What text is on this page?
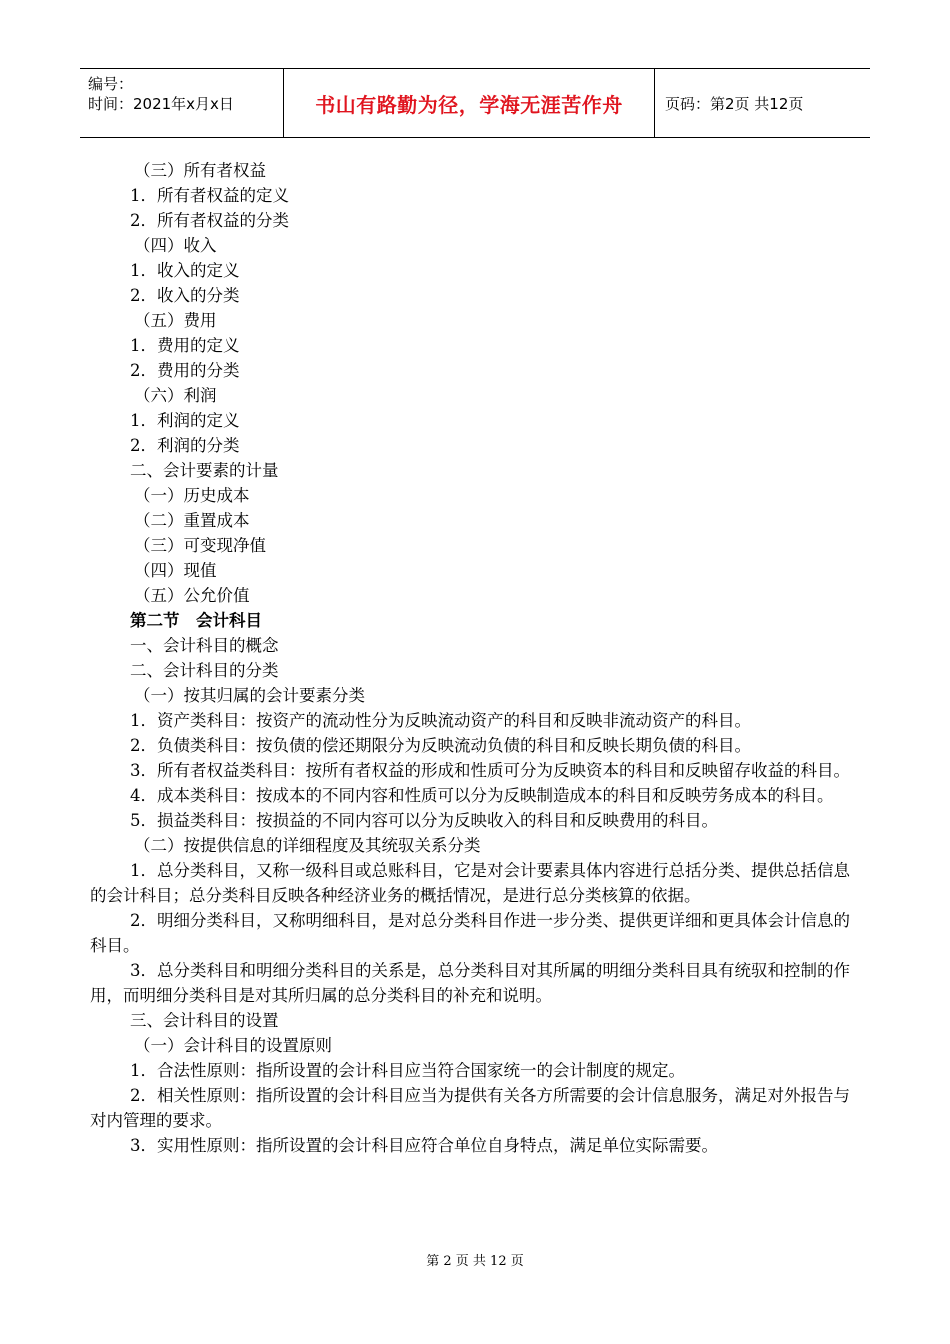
编号：
时间：2021年x月x日	书山有路勤为径，学海无涯苦作舟	页码：第2页 共12页
（三）所有者权益
1．所有者权益的定义
2．所有者权益的分类
（四）收入
1．收入的定义
2．收入的分类
（五）费用
1．费用的定义
2．费用的分类
（六）利润
1．利润的定义
2．利润的分类
二、会计要素的计量
（一）历史成本
（二）重置成本
（三）可变现净值
（四）现值
（五）公允价值
第二节　会计科目
一、会计科目的概念
二、会计科目的分类
（一）按其归属的会计要素分类
1．资产类科目：按资产的流动性分为反映流动资产的科目和反映非流动资产的科目。
2．负债类科目：按负债的偿还期限分为反映流动负债的科目和反映长期负债的科目。
3．所有者权益类科目：按所有者权益的形成和性质可分为反映资本的科目和反映留存收益的科目。
4．成本类科目：按成本的不同内容和性质可以分为反映制造成本的科目和反映劳务成本的科目。
5．损益类科目：按损益的不同内容可以分为反映收入的科目和反映费用的科目。
（二）按提供信息的详细程度及其统驭关系分类
1．总分类科目，又称一级科目或总账科目，它是对会计要素具体内容进行总括分类、提供总括信息的会计科目；总分类科目反映各种经济业务的概括情况，是进行总分类核算的依据。
2．明细分类科目，又称明细科目，是对总分类科目作进一步分类、提供更详细和更具体会计信息的科目。
3．总分类科目和明细分类科目的关系是，总分类科目对其所属的明细分类科目具有统驭和控制的作用，而明细分类科目是对其所归属的总分类科目的补充和说明。
三、会计科目的设置
（一）会计科目的设置原则
1．合法性原则：指所设置的会计科目应当符合国家统一的会计制度的规定。
2．相关性原则：指所设置的会计科目应当为提供有关各方所需要的会计信息服务，满足对外报告与对内管理的要求。
3．实用性原则：指所设置的会计科目应符合单位自身特点，满足单位实际需要。
第 2 页 共 12 页
